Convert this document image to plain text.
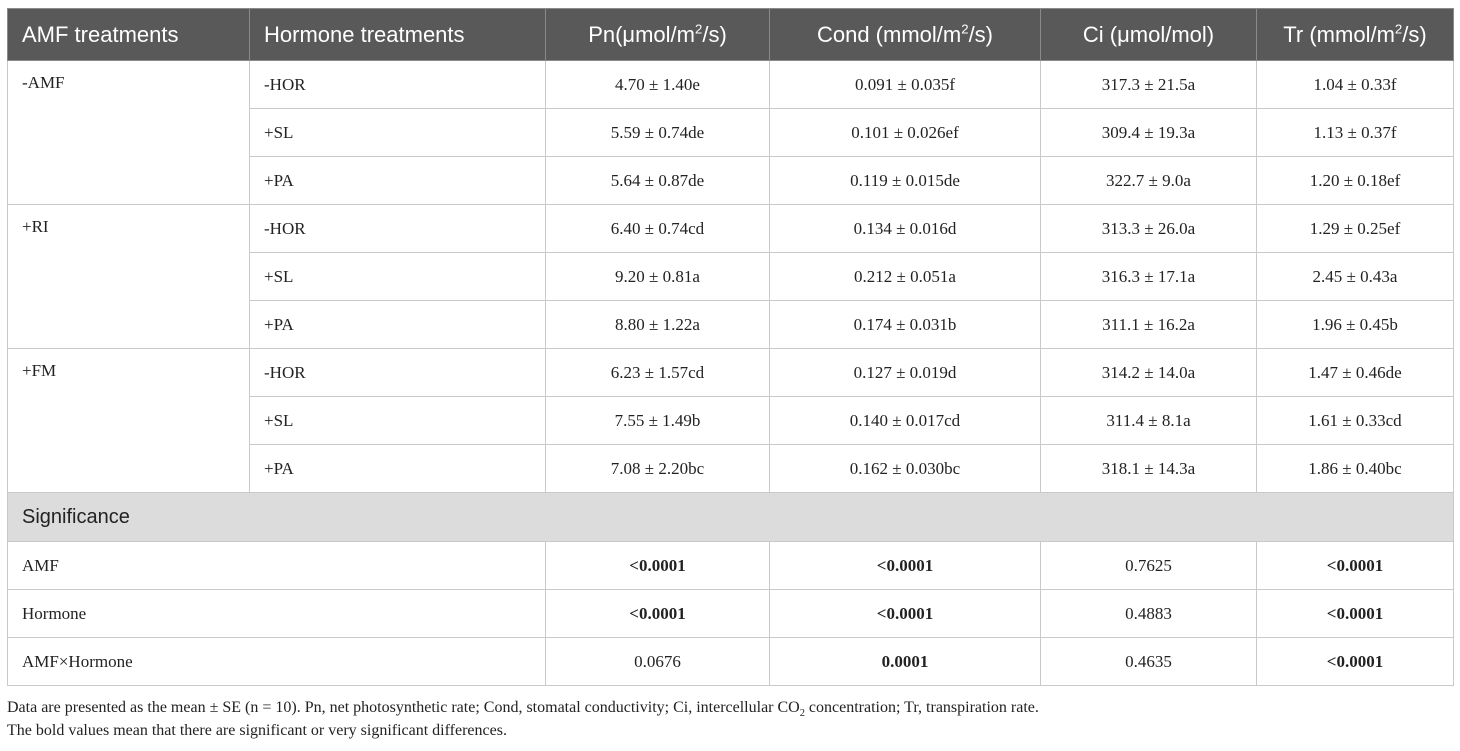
AMF treatments	Hormone treatments	$Pn(\mu mol/m^2/s)$	Cond $(mmol/m^2/s)$	Ci (μmol/mol)	Tr $(mmol/m^2/s)$
-AMF	-HOR	4.70 ± 1.40e	0.091 ± 0.035f	317.3 ± 21.5a	1.04 ± 0.33f
	+SL	5.59 ± 0.74de	0.101 ± 0.026ef	309.4 ± 19.3a	1.13 ± 0.37f
	+PA	5.64 ± 0.87de	0.119 ± 0.015de	322.7 ± 9.0a	1.20 ± 0.18ef
+RI	-HOR	6.40 ± 0.74cd	0.134 ± 0.016d	313.3 ± 26.0a	1.29 ± 0.25ef
	+SL	9.20 ± 0.81a	0.212 ± 0.051a	316.3 ± 17.1a	2.45 ± 0.43a
	+PA	8.80 ± 1.22a	0.174 ± 0.031b	311.1 ± 16.2a	1.96 ± 0.45b
+FM	-HOR	6.23 ± 1.57cd	0.127 ± 0.019d	314.2 ± 14.0a	1.47 ± 0.46de
	+SL	7.55 ± 1.49b	0.140 ± 0.017cd	311.4 ± 8.1a	1.61 ± 0.33cd
	+PA	7.08 ± 2.20bc	0.162 ± 0.030bc	318.1 ± 14.3a	1.86 ± 0.40bc
Significance					
AMF		<0.0001	<0.0001	0.7625	<0.0001
Hormone		<0.0001	<0.0001	0.4883	<0.0001
AMF×Hormone		0.0676	0.0001	0.4635	<0.0001
Data are presented as the mean ± SE (n = 10). Pn, net photosynthetic rate; Cond, stomatal conductivity; Ci, intercellular $CO_2$ concentration; Tr, transpiration rate.
The bold values mean that there are significant or very significant differences.
